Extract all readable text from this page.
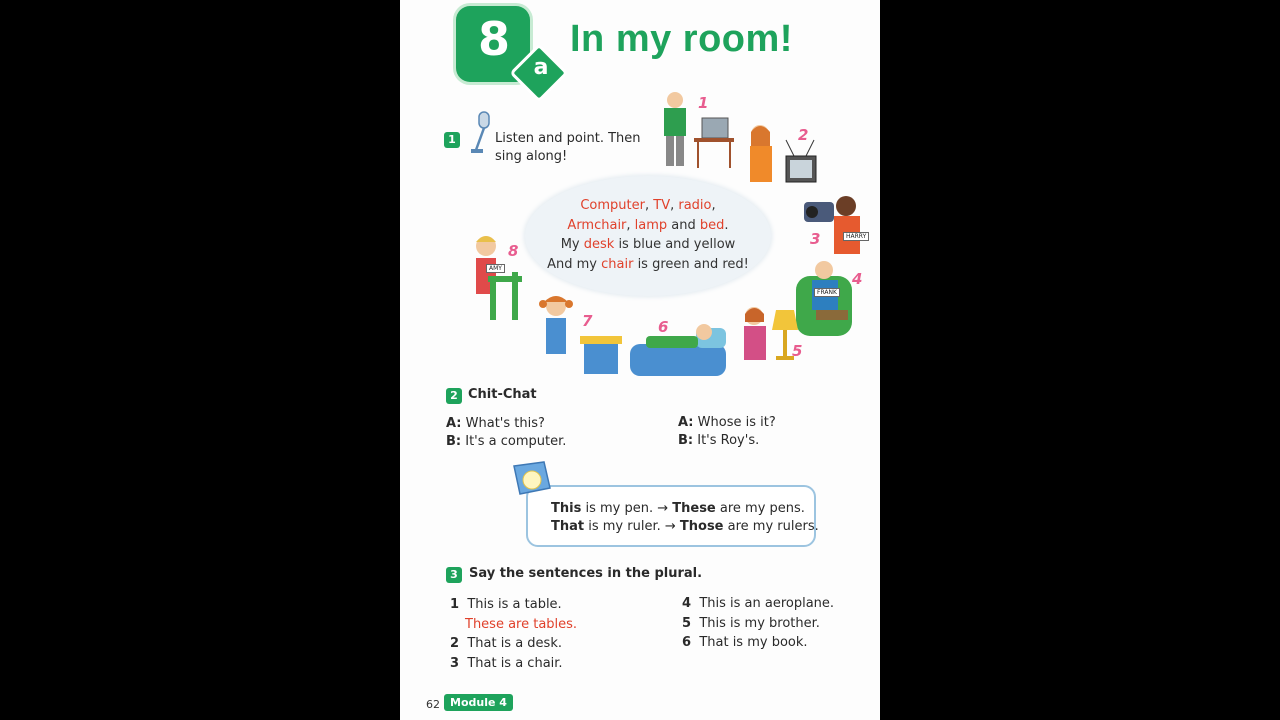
8
a
In my room!
1	Listen and point. Then
sing along!
Computer, TV, radio,
Armchair, lamp and bed.
My desk is blue and yellow
And my chair is green and red!
HARRY
FRANK
AMY
1
2
3
4
5
6
7
8
2 Chit-Chat
A: What's this?
B: It's a computer.
A: Whose is it?
B: It's Roy's.
This is my pen. → These are my pens.
That is my ruler. → Those are my rulers.
3 Say the sentences in the plural.
1 This is a table.
These are tables.
2 That is a desk.
3 That is a chair.
4 This is an aeroplane.
5 This is my brother.
6 That is my book.
62 Module 4
